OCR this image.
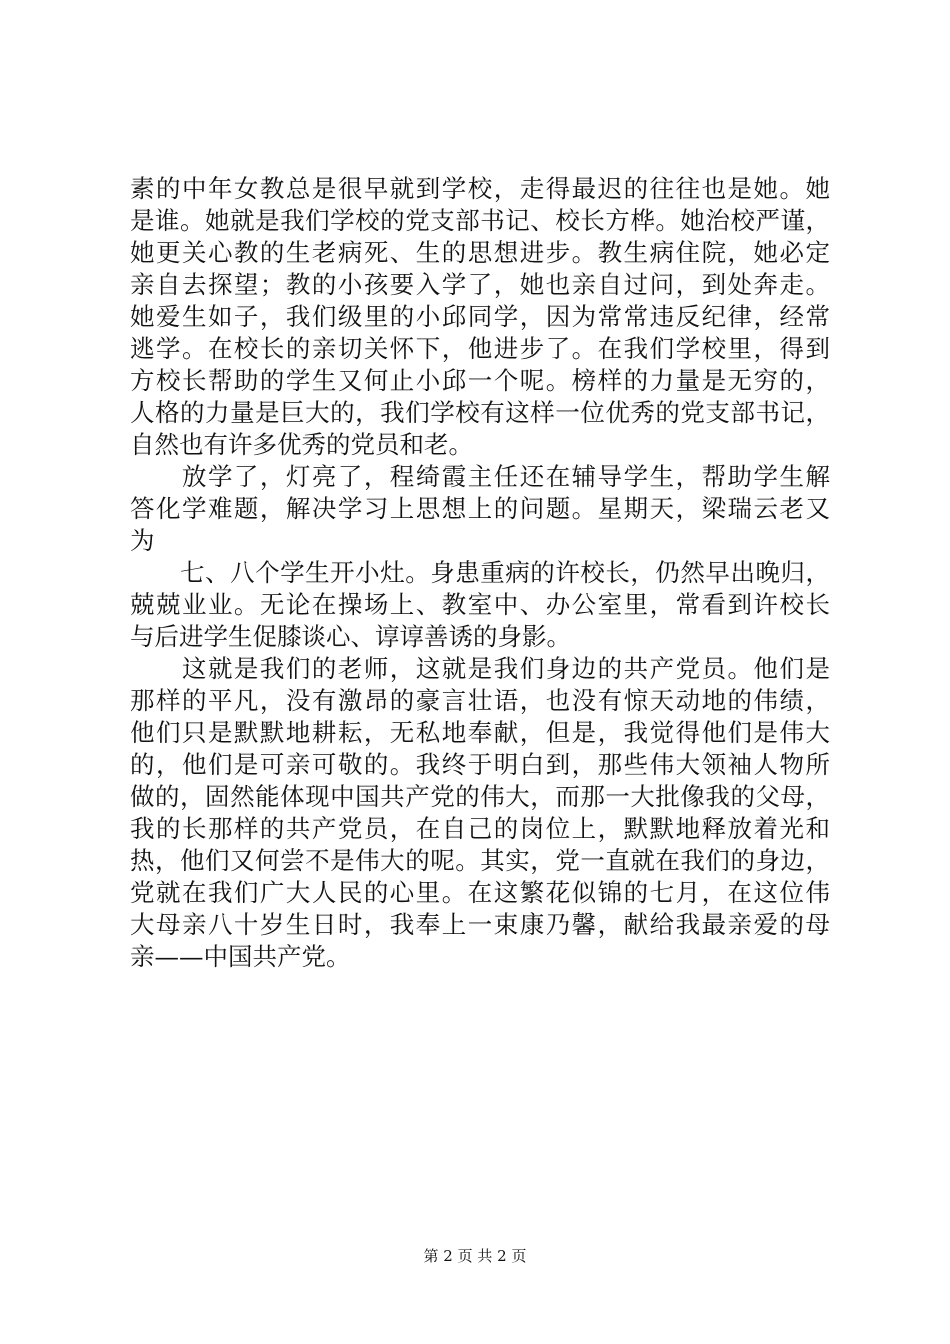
素的中年女教总是很早就到学校，走得最迟的往往也是她。她
是谁。她就是我们学校的党支部书记、校长方桦。她治校严谨，
她更关心教的生老病死、生的思想进步。教生病住院，她必定
亲自去探望；教的小孩要入学了，她也亲自过问，到处奔走。
她爱生如子，我们级里的小邱同学，因为常常违反纪律，经常
逃学。在校长的亲切关怀下，他进步了。在我们学校里，得到
方校长帮助的学生又何止小邱一个呢。榜样的力量是无穷的，
人格的力量是巨大的，我们学校有这样一位优秀的党支部书记，
自然也有许多优秀的党员和老。
　　放学了，灯亮了，程绮霞主任还在辅导学生，帮助学生解
答化学难题，解决学习上思想上的问题。星期天，梁瑞云老又
为
　　七、八个学生开小灶。身患重病的许校长，仍然早出晚归，
兢兢业业。无论在操场上、教室中、办公室里，常看到许校长
与后进学生促膝谈心、谆谆善诱的身影。
　　这就是我们的老师，这就是我们身边的共产党员。他们是
那样的平凡，没有激昂的豪言壮语，也没有惊天动地的伟绩，
他们只是默默地耕耘，无私地奉献，但是，我觉得他们是伟大
的，他们是可亲可敬的。我终于明白到，那些伟大领袖人物所
做的，固然能体现中国共产党的伟大，而那一大批像我的父母，
我的长那样的共产党员，在自己的岗位上，默默地释放着光和
热，他们又何尝不是伟大的呢。其实，党一直就在我们的身边，
党就在我们广大人民的心里。在这繁花似锦的七月，在这位伟
大母亲八十岁生日时，我奉上一束康乃馨，献给我最亲爱的母
亲——中国共产党。
第 2 页 共 2 页
